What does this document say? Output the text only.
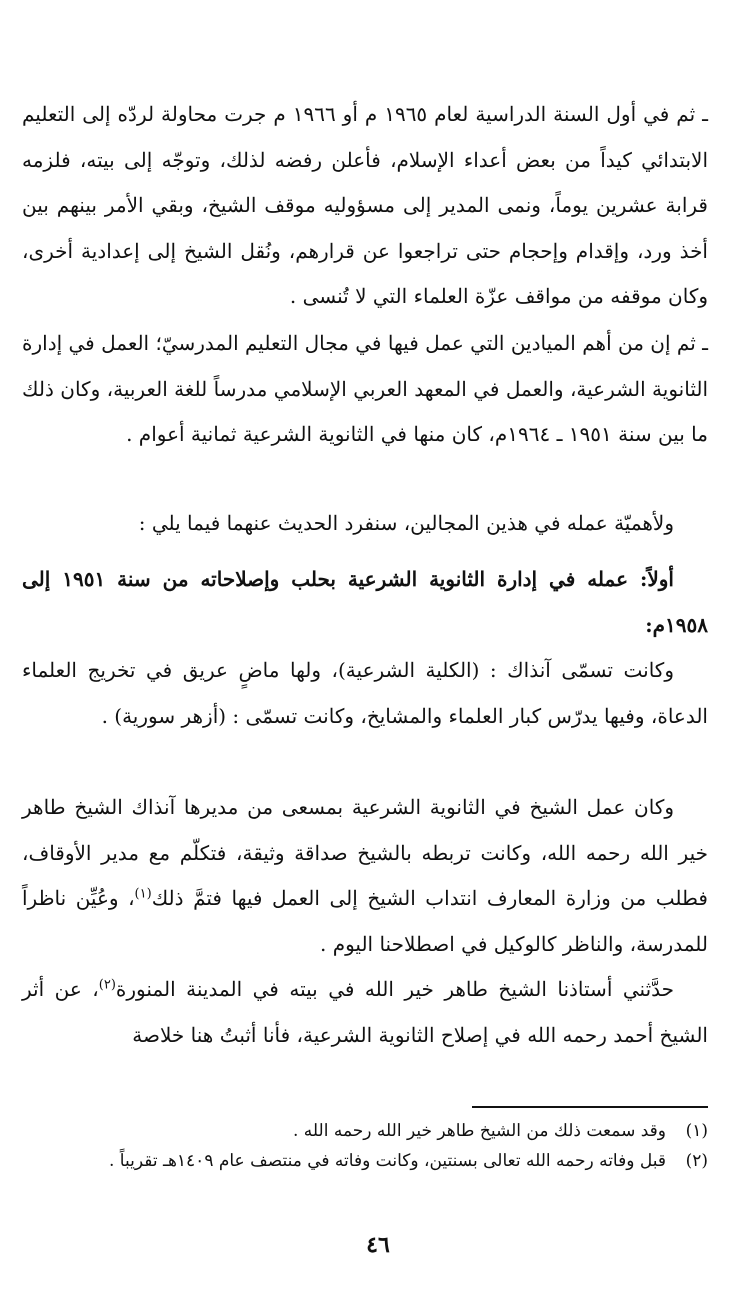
ـ ثم في أول السنة الدراسية لعام ١٩٦٥ م أو ١٩٦٦ م جرت محاولة لردّه إلى التعليم الابتدائي كيداً من بعض أعداء الإسلام، فأعلن رفضه لذلك، وتوجّه إلى بيته، فلزمه قرابة عشرين يوماً، ونمى المدير إلى مسؤوليه موقف الشيخ، وبقي الأمر بينهم بين أخذ ورد، وإقدام وإحجام حتى تراجعوا عن قرارهم، ونُقل الشيخ إلى إعدادية أخرى، وكان موقفه من مواقف عزّة العلماء التي لا تُنسى .

ـ ثم إن من أهم الميادين التي عمل فيها في مجال التعليم المدرسيّ؛ العمل في إدارة الثانوية الشرعية، والعمل في المعهد العربي الإسلامي مدرساً للغة العربية، وكان ذلك ما بين سنة ١٩٥١ ـ ١٩٦٤م، كان منها في الثانوية الشرعية ثمانية أعوام .

ولأهميّة عمله في هذين المجالين، سنفرد الحديث عنهما فيما يلي :

أولاً: عمله في إدارة الثانوية الشرعية بحلب وإصلاحاته من سنة ١٩٥١ إلى ١٩٥٨م:

وكانت تسمّى آنذاك : (الكلية الشرعية)، ولها ماضٍ عريق في تخريج العلماء الدعاة، وفيها يدرّس كبار العلماء والمشايخ، وكانت تسمّى : (أزهر سورية) .

وكان عمل الشيخ في الثانوية الشرعية بمسعى من مديرها آنذاك الشيخ طاهر خير الله رحمه الله، وكانت تربطه بالشيخ صداقة وثيقة، فتكلّم مع مدير الأوقاف، فطلب من وزارة المعارف انتداب الشيخ إلى العمل فيها فتمَّ ذلك$^{(١)}$، وعُيِّن ناظراً للمدرسة، والناظر كالوكيل في اصطلاحنا اليوم .

حدَّثني أستاذنا الشيخ طاهر خير الله في بيته في المدينة المنورة$^{(٢)}$، عن أثر الشيخ أحمد رحمه الله في إصلاح الثانوية الشرعية، فأنا أثبتُ هنا خلاصة

(١)
وقد سمعت ذلك من الشيخ طاهر خير الله رحمه الله .
(٢)
قبل وفاته رحمه الله تعالى بسنتين، وكانت وفاته في منتصف عام ١٤٠٩هـ تقريباً .
٤٦
